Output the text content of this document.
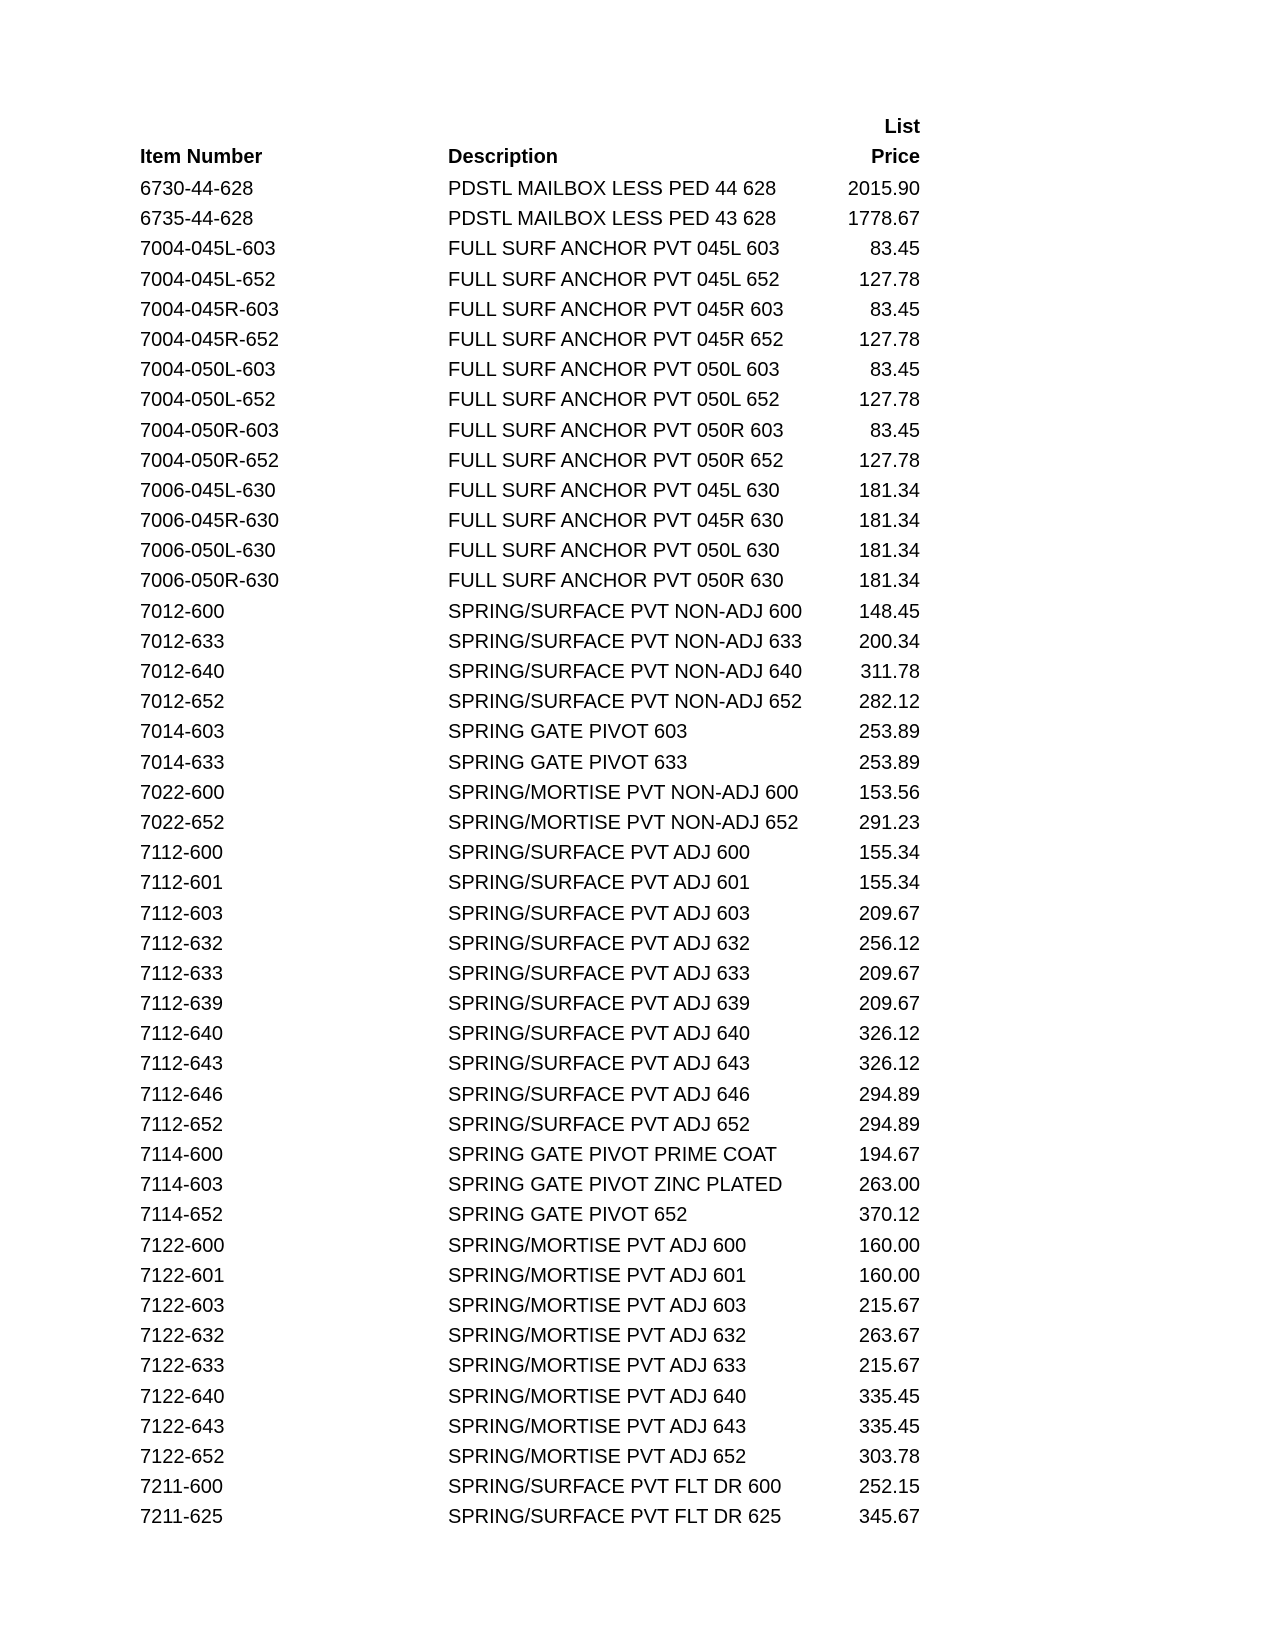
Item Number	Description
List
Price
6730-44-628	PDSTL MAILBOX LESS PED 44 628	2015.90
6735-44-628	PDSTL MAILBOX LESS PED 43 628	1778.67
7004-045L-603	FULL SURF ANCHOR PVT 045L 603	83.45
7004-045L-652	FULL SURF ANCHOR PVT 045L 652	127.78
7004-045R-603	FULL SURF ANCHOR PVT 045R 603	83.45
7004-045R-652	FULL SURF ANCHOR PVT 045R 652	127.78
7004-050L-603	FULL SURF ANCHOR PVT 050L 603	83.45
7004-050L-652	FULL SURF ANCHOR PVT 050L 652	127.78
7004-050R-603	FULL SURF ANCHOR PVT 050R 603	83.45
7004-050R-652	FULL SURF ANCHOR PVT 050R 652	127.78
7006-045L-630	FULL SURF ANCHOR PVT 045L 630	181.34
7006-045R-630	FULL SURF ANCHOR PVT 045R 630	181.34
7006-050L-630	FULL SURF ANCHOR PVT 050L 630	181.34
7006-050R-630	FULL SURF ANCHOR PVT 050R 630	181.34
7012-600	SPRING/SURFACE PVT NON-ADJ 600	148.45
7012-633	SPRING/SURFACE PVT NON-ADJ 633	200.34
7012-640	SPRING/SURFACE PVT NON-ADJ 640	311.78
7012-652	SPRING/SURFACE PVT NON-ADJ 652	282.12
7014-603	SPRING GATE PIVOT 603	253.89
7014-633	SPRING GATE PIVOT 633	253.89
7022-600	SPRING/MORTISE PVT NON-ADJ 600	153.56
7022-652	SPRING/MORTISE PVT NON-ADJ 652	291.23
7112-600	SPRING/SURFACE PVT ADJ 600	155.34
7112-601	SPRING/SURFACE PVT ADJ 601	155.34
7112-603	SPRING/SURFACE PVT ADJ 603	209.67
7112-632	SPRING/SURFACE PVT ADJ 632	256.12
7112-633	SPRING/SURFACE PVT ADJ 633	209.67
7112-639	SPRING/SURFACE PVT ADJ 639	209.67
7112-640	SPRING/SURFACE PVT ADJ 640	326.12
7112-643	SPRING/SURFACE PVT ADJ 643	326.12
7112-646	SPRING/SURFACE PVT ADJ 646	294.89
7112-652	SPRING/SURFACE PVT ADJ 652	294.89
7114-600	SPRING GATE PIVOT PRIME COAT	194.67
7114-603	SPRING GATE PIVOT ZINC PLATED	263.00
7114-652	SPRING GATE PIVOT 652	370.12
7122-600	SPRING/MORTISE PVT ADJ 600	160.00
7122-601	SPRING/MORTISE PVT ADJ 601	160.00
7122-603	SPRING/MORTISE PVT ADJ 603	215.67
7122-632	SPRING/MORTISE PVT ADJ 632	263.67
7122-633	SPRING/MORTISE PVT ADJ 633	215.67
7122-640	SPRING/MORTISE PVT ADJ 640	335.45
7122-643	SPRING/MORTISE PVT ADJ 643	335.45
7122-652	SPRING/MORTISE PVT ADJ 652	303.78
7211-600	SPRING/SURFACE PVT FLT DR 600	252.15
7211-625	SPRING/SURFACE PVT FLT DR 625	345.67
